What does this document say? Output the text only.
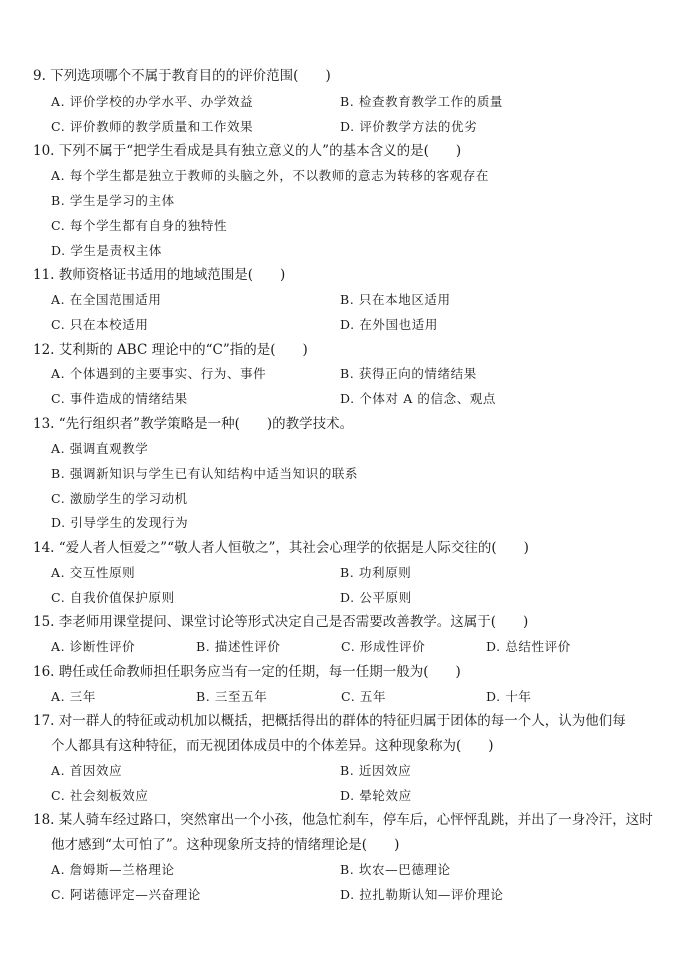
9. 下列选项哪个不属于教育目的的评价范围(　　)
A. 评价学校的办学水平、办学效益	B. 检查教育教学工作的质量
C. 评价教师的教学质量和工作效果	D. 评价教学方法的优劣
10. 下列不属于“把学生看成是具有独立意义的人”的基本含义的是(　　)
A. 每个学生都是独立于教师的头脑之外，不以教师的意志为转移的客观存在
B. 学生是学习的主体
C. 每个学生都有自身的独特性
D. 学生是责权主体
11. 教师资格证书适用的地域范围是(　　)
A. 在全国范围适用	B. 只在本地区适用
C. 只在本校适用	D. 在外国也适用
12. 艾利斯的 ABC 理论中的“C”指的是(　　)
A. 个体遇到的主要事实、行为、事件	B. 获得正向的情绪结果
C. 事件造成的情绪结果	D. 个体对 A 的信念、观点
13. “先行组织者”教学策略是一种(　　)的教学技术。
A. 强调直观教学
B. 强调新知识与学生已有认知结构中适当知识的联系
C. 激励学生的学习动机
D. 引导学生的发现行为
14. “爱人者人恒爱之”“敬人者人恒敬之”，其社会心理学的依据是人际交往的(　　)
A. 交互性原则	B. 功利原则
C. 自我价值保护原则	D. 公平原则
15. 李老师用课堂提问、课堂讨论等形式决定自己是否需要改善教学。这属于(　　)
A. 诊断性评价	B. 描述性评价	C. 形成性评价	D. 总结性评价
16. 聘任或任命教师担任职务应当有一定的任期，每一任期一般为(　　)
A. 三年	B. 三至五年	C. 五年	D. 十年
17. 对一群人的特征或动机加以概括，把概括得出的群体的特征归属于团体的每一个人，认为他们每
个人都具有这种特征，而无视团体成员中的个体差异。这种现象称为(　　)
A. 首因效应	B. 近因效应
C. 社会刻板效应	D. 晕轮效应
18. 某人骑车经过路口，突然窜出一个小孩，他急忙刹车，停车后，心怦怦乱跳，并出了一身冷汗，这时
他才感到“太可怕了”。这种现象所支持的情绪理论是(　　)
A. 詹姆斯—兰格理论	B. 坎农—巴德理论
C. 阿诺德评定—兴奋理论	D. 拉扎勒斯认知—评价理论
